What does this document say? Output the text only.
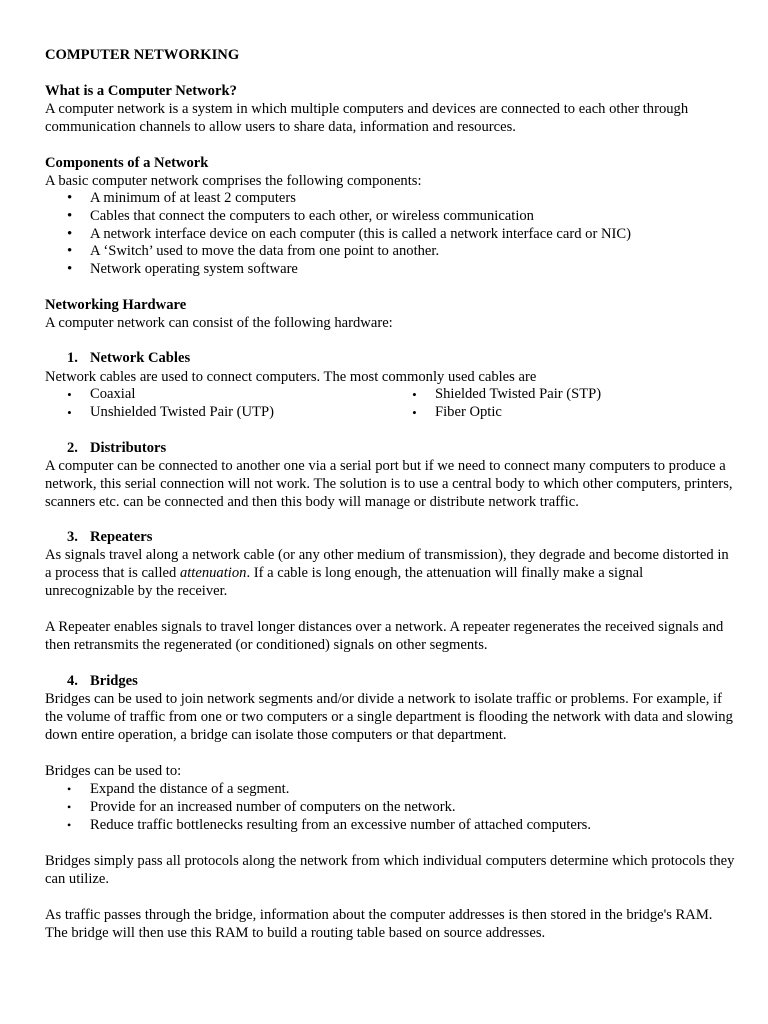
COMPUTER NETWORKING

What is a Computer Network?

A computer network is a system in which multiple computers and devices are connected to each other through communication channels to allow users to share data, information and resources.

Components of a Network

A basic computer network comprises the following components:

• A minimum of at least 2 computers
• Cables that connect the computers to each other, or wireless communication
• A network interface device on each computer (this is called a network interface card or NIC)
• A ‘Switch’ used to move the data from one point to another.
• Network operating system software

Networking Hardware

A computer network can consist of the following hardware:

1. Network Cables

Network cables are used to connect computers. The most commonly used cables are

• Coaxial
• Unshielded Twisted Pair (UTP)
• Shielded Twisted Pair (STP)
• Fiber Optic
2. Distributors

A computer can be connected to another one via a serial port but if we need to connect many computers to produce a network, this serial connection will not work. The solution is to use a central body to which other computers, printers, scanners etc. can be connected and then this body will manage or distribute network traffic.

3. Repeaters

As signals travel along a network cable (or any other medium of transmission), they degrade and become distorted in a process that is called attenuation. If a cable is long enough, the attenuation will finally make a signal unrecognizable by the receiver.

A Repeater enables signals to travel longer distances over a network. A repeater regenerates the received signals and then retransmits the regenerated (or conditioned) signals on other segments.

4. Bridges

Bridges can be used to join network segments and/or divide a network to isolate traffic or problems. For example, if the volume of traffic from one or two computers or a single department is flooding the network with data and slowing down entire operation, a bridge can isolate those computers or that department.

Bridges can be used to:

• Expand the distance of a segment.
• Provide for an increased number of computers on the network.
• Reduce traffic bottlenecks resulting from an excessive number of attached computers.

Bridges simply pass all protocols along the network from which individual computers determine which protocols they can utilize.

As traffic passes through the bridge, information about the computer addresses is then stored in the bridge's RAM. The bridge will then use this RAM to build a routing table based on source addresses.
